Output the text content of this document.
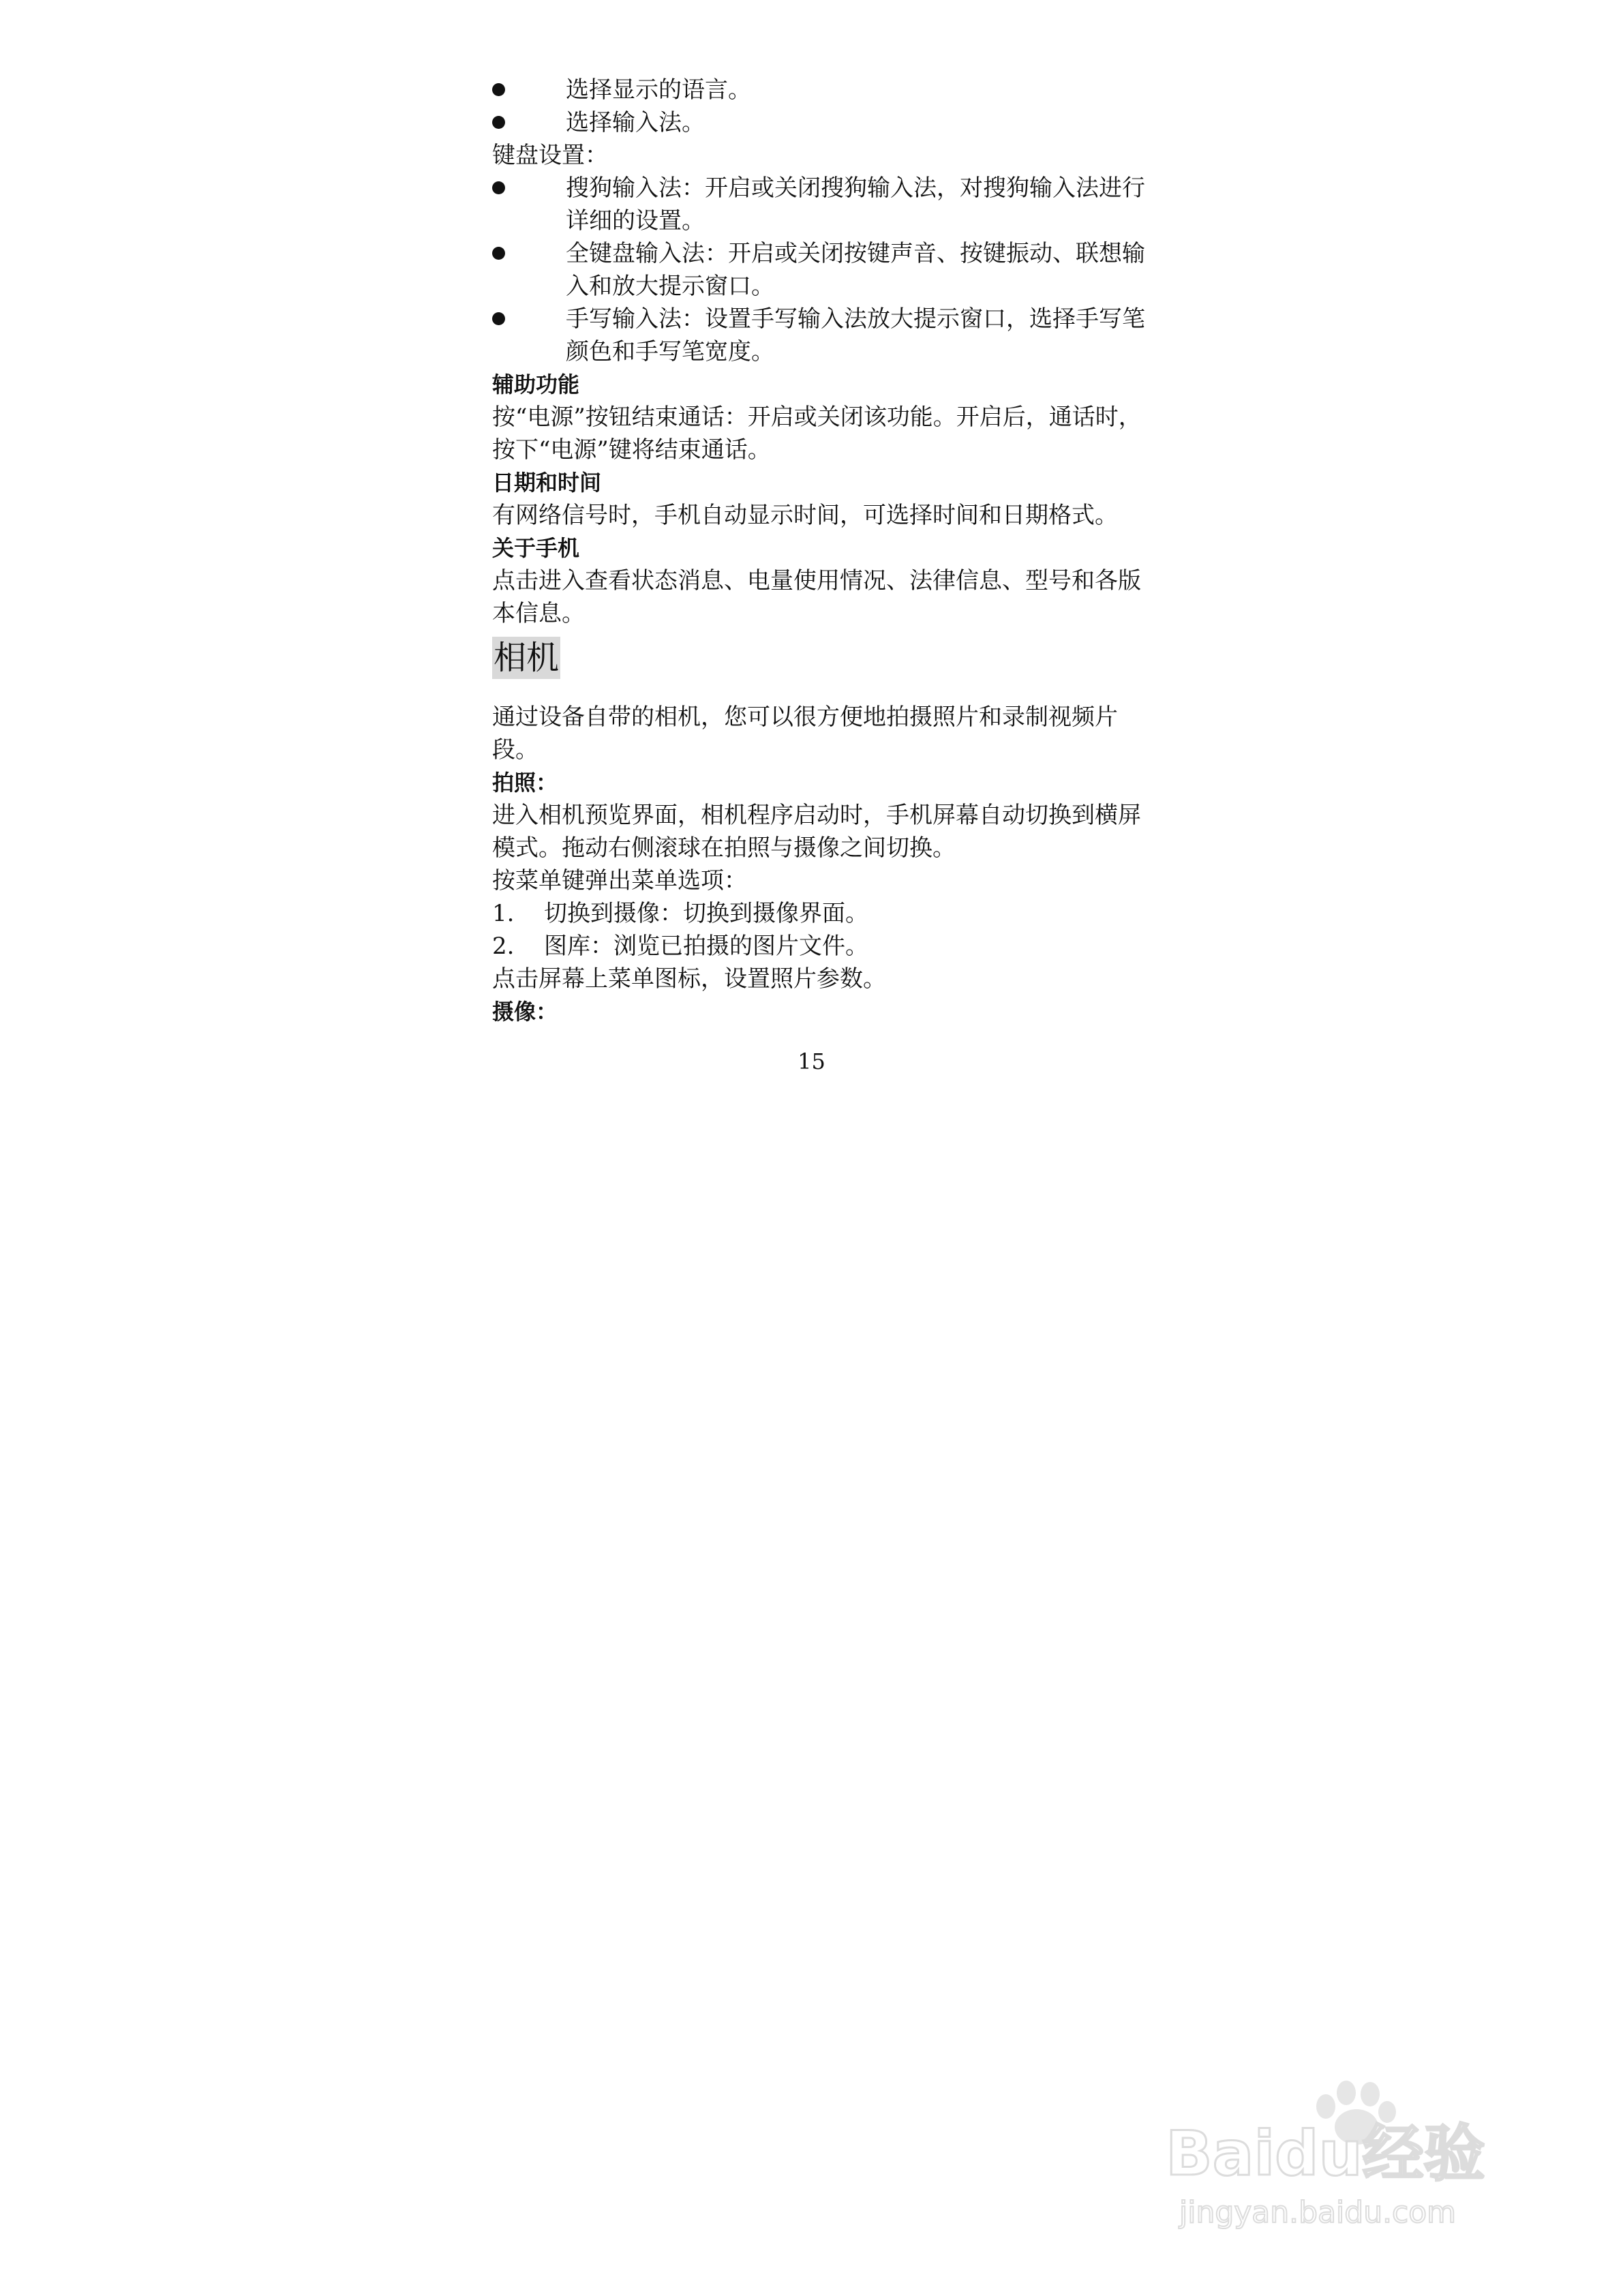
选择显示的语言。
选择输入法。
键盘设置：
搜狗输入法：开启或关闭搜狗输入法，对搜狗输入法进行详细的设置。
全键盘输入法：开启或关闭按键声音、按键振动、联想输入和放大提示窗口。
手写输入法：设置手写输入法放大提示窗口，选择手写笔颜色和手写笔宽度。
辅助功能
按“电源”按钮结束通话：开启或关闭该功能。开启后，通话时，按下“电源”键将结束通话。
日期和时间
有网络信号时，手机自动显示时间，可选择时间和日期格式。
关于手机
点击进入查看状态消息、电量使用情况、法律信息、型号和各版本信息。
相机
通过设备自带的相机，您可以很方便地拍摄照片和录制视频片段。
拍照：
进入相机预览界面，相机程序启动时，手机屏幕自动切换到横屏模式。拖动右侧滚球在拍照与摄像之间切换。
按菜单键弹出菜单选项：
1. 切换到摄像：切换到摄像界面。
2. 图库：浏览已拍摄的图片文件。
点击屏幕上菜单图标，设置照片参数。
摄像：
15
Baidu经验
jingyan.baidu.com
